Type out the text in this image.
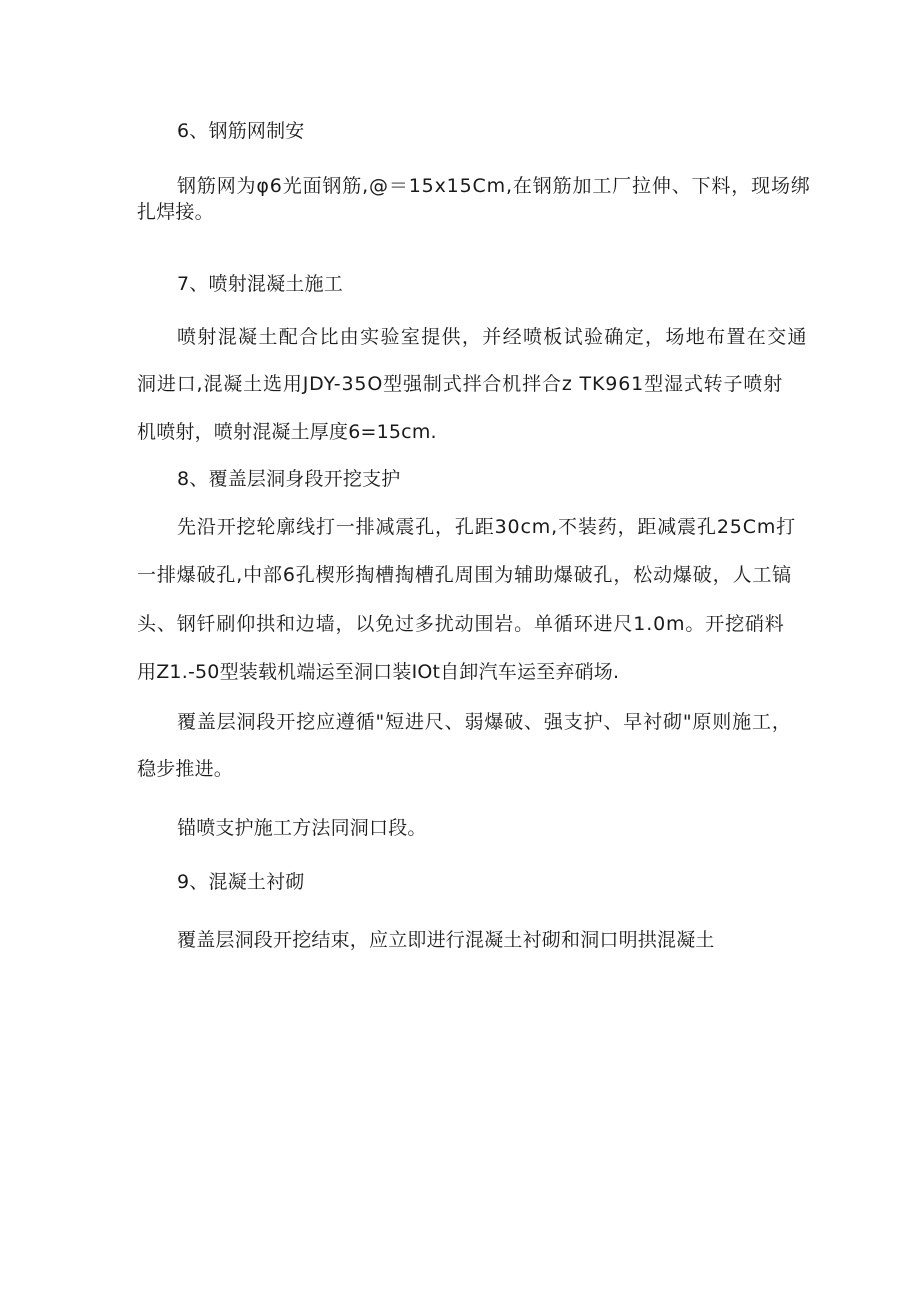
6、钢筋网制安
钢筋网为φ6光面钢筋,@＝15x15Cm,在钢筋加工厂拉伸、下料，现场绑
扎焊接。
7、喷射混凝土施工
喷射混凝土配合比由实验室提供，并经喷板试验确定，场地布置在交通
洞进口,混凝土选用JDY-35O型强制式拌合机拌合z TK961型湿式转子喷射
机喷射，喷射混凝土厚度6=15cm.
8、覆盖层洞身段开挖支护
先沿开挖轮廓线打一排减震孔，孔距30cm,不装药，距减震孔25Cm打
一排爆破孔,中部6孔楔形掏槽掏槽孔周围为辅助爆破孔，松动爆破，人工镐
头、钢钎刷仰拱和边墙，以免过多扰动围岩。单循环进尺1.0m。开挖硝料
用Z1.-50型装载机端运至洞口装IOt自卸汽车运至弃硝场.
覆盖层洞段开挖应遵循"短进尺、弱爆破、强支护、早衬砌"原则施工，
稳步推进。
锚喷支护施工方法同洞口段。
9、混凝土衬砌
覆盖层洞段开挖结束，应立即进行混凝土衬砌和洞口明拱混凝土
